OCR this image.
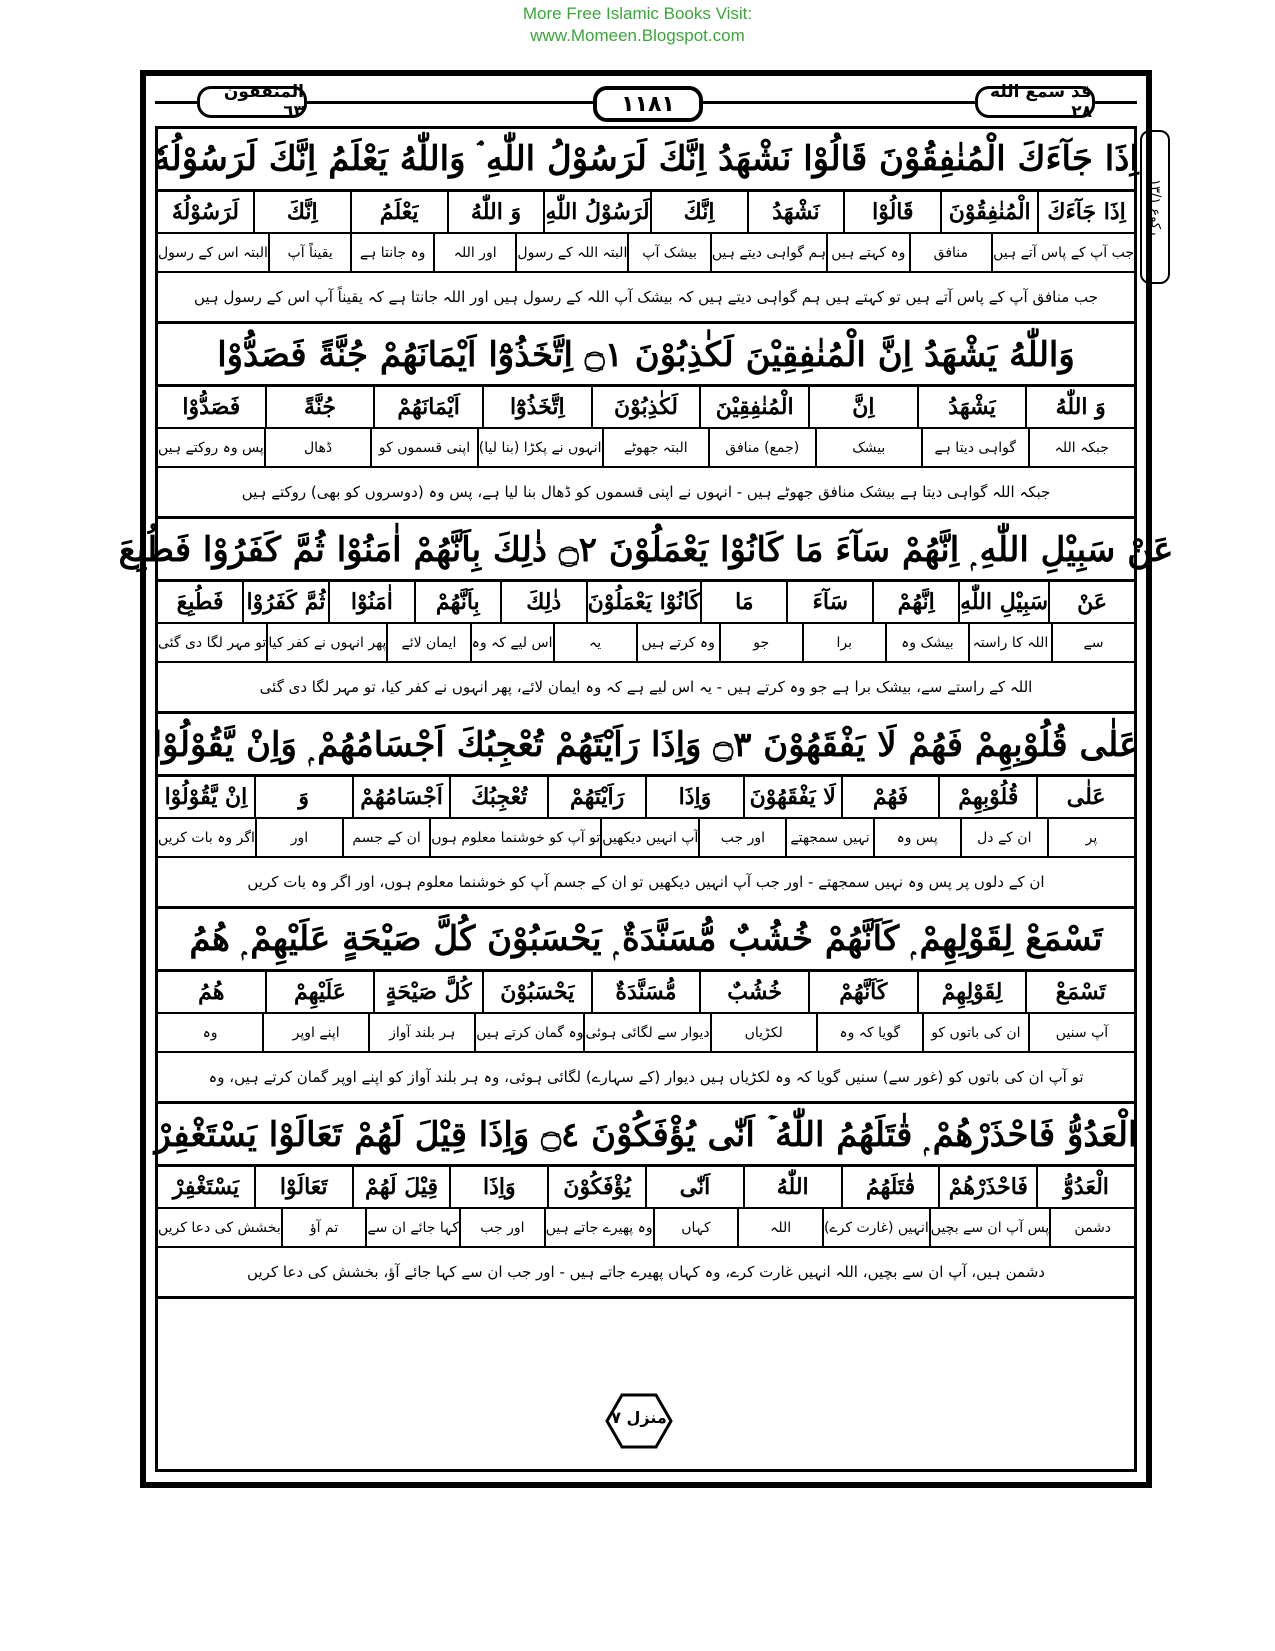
More Free Islamic Books Visit:
www.Momeen.Blogspot.com
المنفقون ٦٣	١١٨١	قد سمع الله ٢٨
ركوع ١٣/١
اِذَا جَآءَكَ الْمُنٰفِقُوْنَ قَالُوْا نَشْهَدُ اِنَّكَ لَرَسُوْلُ اللّٰهِ ۘ وَاللّٰهُ يَعْلَمُ اِنَّكَ لَرَسُوْلُهٗ
اِذَا جَآءَكَ
الْمُنٰفِقُوْنَ
قَالُوْا
نَشْهَدُ
اِنَّكَ
لَرَسُوْلُ اللّٰهِ
وَ اللّٰهُ
يَعْلَمُ
اِنَّكَ
لَرَسُوْلُهٗ
جب آپ کے پاس آتے ہیں
منافق
وہ کہتے ہیں
ہم گواہی دیتے ہیں
بیشک آپ
البتہ اللہ کے رسول
اور اللہ
وہ جانتا ہے
یقیناً آپ
البتہ اس کے رسول
جب منافق آپ کے پاس آتے ہیں تو کہتے ہیں ہم گواہی دیتے ہیں کہ بیشک آپ اللہ کے رسول ہیں اور اللہ جانتا ہے کہ یقیناً آپ اس کے رسول ہیں
وَاللّٰهُ يَشْهَدُ اِنَّ الْمُنٰفِقِيْنَ لَكٰذِبُوْنَ ۝١ اِتَّخَذُوْٓا اَيْمَانَهُمْ جُنَّةً فَصَدُّوْا
وَ اللّٰهُ
يَشْهَدُ
اِنَّ
الْمُنٰفِقِيْنَ
لَكٰذِبُوْنَ
اِتَّخَذُوْٓا
اَيْمَانَهُمْ
جُنَّةً
فَصَدُّوْا
جبکہ اللہ
گواہی دیتا ہے
بیشک
(جمع) منافق
البتہ جھوٹے
انہوں نے پکڑا (بنا لیا)
اپنی قسموں کو
ڈھال
پس وہ روکتے ہیں
جبکہ اللہ گواہی دیتا ہے بیشک منافق جھوٹے ہیں - انہوں نے اپنی قسموں کو ڈھال بنا لیا ہے، پس وہ (دوسروں کو بھی) روکتے ہیں
عَنْ سَبِيْلِ اللّٰهِ ۭ اِنَّهُمْ سَآءَ مَا كَانُوْا يَعْمَلُوْنَ ۝٢ ذٰلِكَ بِاَنَّهُمْ اٰمَنُوْا ثُمَّ كَفَرُوْا فَطُبِعَ
عَنْ
سَبِيْلِ اللّٰهِ
اِنَّهُمْ
سَآءَ
مَا
كَانُوْا يَعْمَلُوْنَ
ذٰلِكَ
بِاَنَّهُمْ
اٰمَنُوْا
ثُمَّ كَفَرُوْا
فَطُبِعَ
سے
اللہ کا راستہ
بیشک وہ
برا
جو
وہ کرتے ہیں
یہ
اس لیے کہ وہ
ایمان لائے
پھر انہوں نے کفر کیا
تو مہر لگا دی گئی
اللہ کے راستے سے، بیشک برا ہے جو وہ کرتے ہیں - یہ اس لیے ہے کہ وہ ایمان لائے، پھر انہوں نے کفر کیا، تو مہر لگا دی گئی
عَلٰى قُلُوْبِهِمْ فَهُمْ لَا يَفْقَهُوْنَ ۝٣ وَاِذَا رَاَيْتَهُمْ تُعْجِبُكَ اَجْسَامُهُمْ ۭ وَاِنْ يَّقُوْلُوْا
عَلٰى
قُلُوْبِهِمْ
فَهُمْ
لَا يَفْقَهُوْنَ
وَاِذَا
رَاَيْتَهُمْ
تُعْجِبُكَ
اَجْسَامُهُمْ
وَ
اِنْ يَّقُوْلُوْا
پر
ان کے دل
پس وہ
نہیں سمجھتے
اور جب
آپ انہیں دیکھیں
تو آپ کو خوشنما معلوم ہوں
ان کے جسم
اور
اگر وہ بات کریں
ان کے دلوں پر پس وہ نہیں سمجھتے - اور جب آپ انہیں دیکھیں تو ان کے جسم آپ کو خوشنما معلوم ہوں، اور اگر وہ بات کریں
تَسْمَعْ لِقَوْلِهِمْ ۭ كَاَنَّهُمْ خُشُبٌ مُّسَنَّدَةٌ ۭ يَحْسَبُوْنَ كُلَّ صَيْحَةٍ عَلَيْهِمْ ۭ هُمُ
تَسْمَعْ
لِقَوْلِهِمْ
كَاَنَّهُمْ
خُشُبٌ
مُّسَنَّدَةٌ
يَحْسَبُوْنَ
كُلَّ صَيْحَةٍ
عَلَيْهِمْ
هُمُ
آپ سنیں
ان کی باتوں کو
گویا کہ وہ
لکڑیاں
دیوار سے لگائی ہوئی
وہ گمان کرتے ہیں
ہر بلند آواز
اپنے اوپر
وہ
تو آپ ان کی باتوں کو (غور سے) سنیں گویا کہ وہ لکڑیاں ہیں دیوار (کے سہارے) لگائی ہوئی، وہ ہر بلند آواز کو اپنے اوپر گمان کرتے ہیں، وہ
الْعَدُوُّ فَاحْذَرْهُمْ ۭ قٰتَلَهُمُ اللّٰهُ ۡ اَنّٰى يُؤْفَكُوْنَ ۝٤ وَاِذَا قِيْلَ لَهُمْ تَعَالَوْا يَسْتَغْفِرْ
الْعَدُوُّ
فَاحْذَرْهُمْ
قٰتَلَهُمُ
اللّٰهُ
اَنّٰى
يُؤْفَكُوْنَ
وَاِذَا
قِيْلَ لَهُمْ
تَعَالَوْا
يَسْتَغْفِرْ
دشمن
پس آپ ان سے بچیں
انہیں (غارت کرے)
اللہ
کہاں
وہ پھیرے جاتے ہیں
اور جب
کہا جائے ان سے
تم آؤ
بخشش کی دعا کریں
دشمن ہیں، آپ ان سے بچیں، اللہ انہیں غارت کرے، وہ کہاں پھیرے جاتے ہیں - اور جب ان سے کہا جائے آؤ، بخشش کی دعا کریں
منزل ٧
